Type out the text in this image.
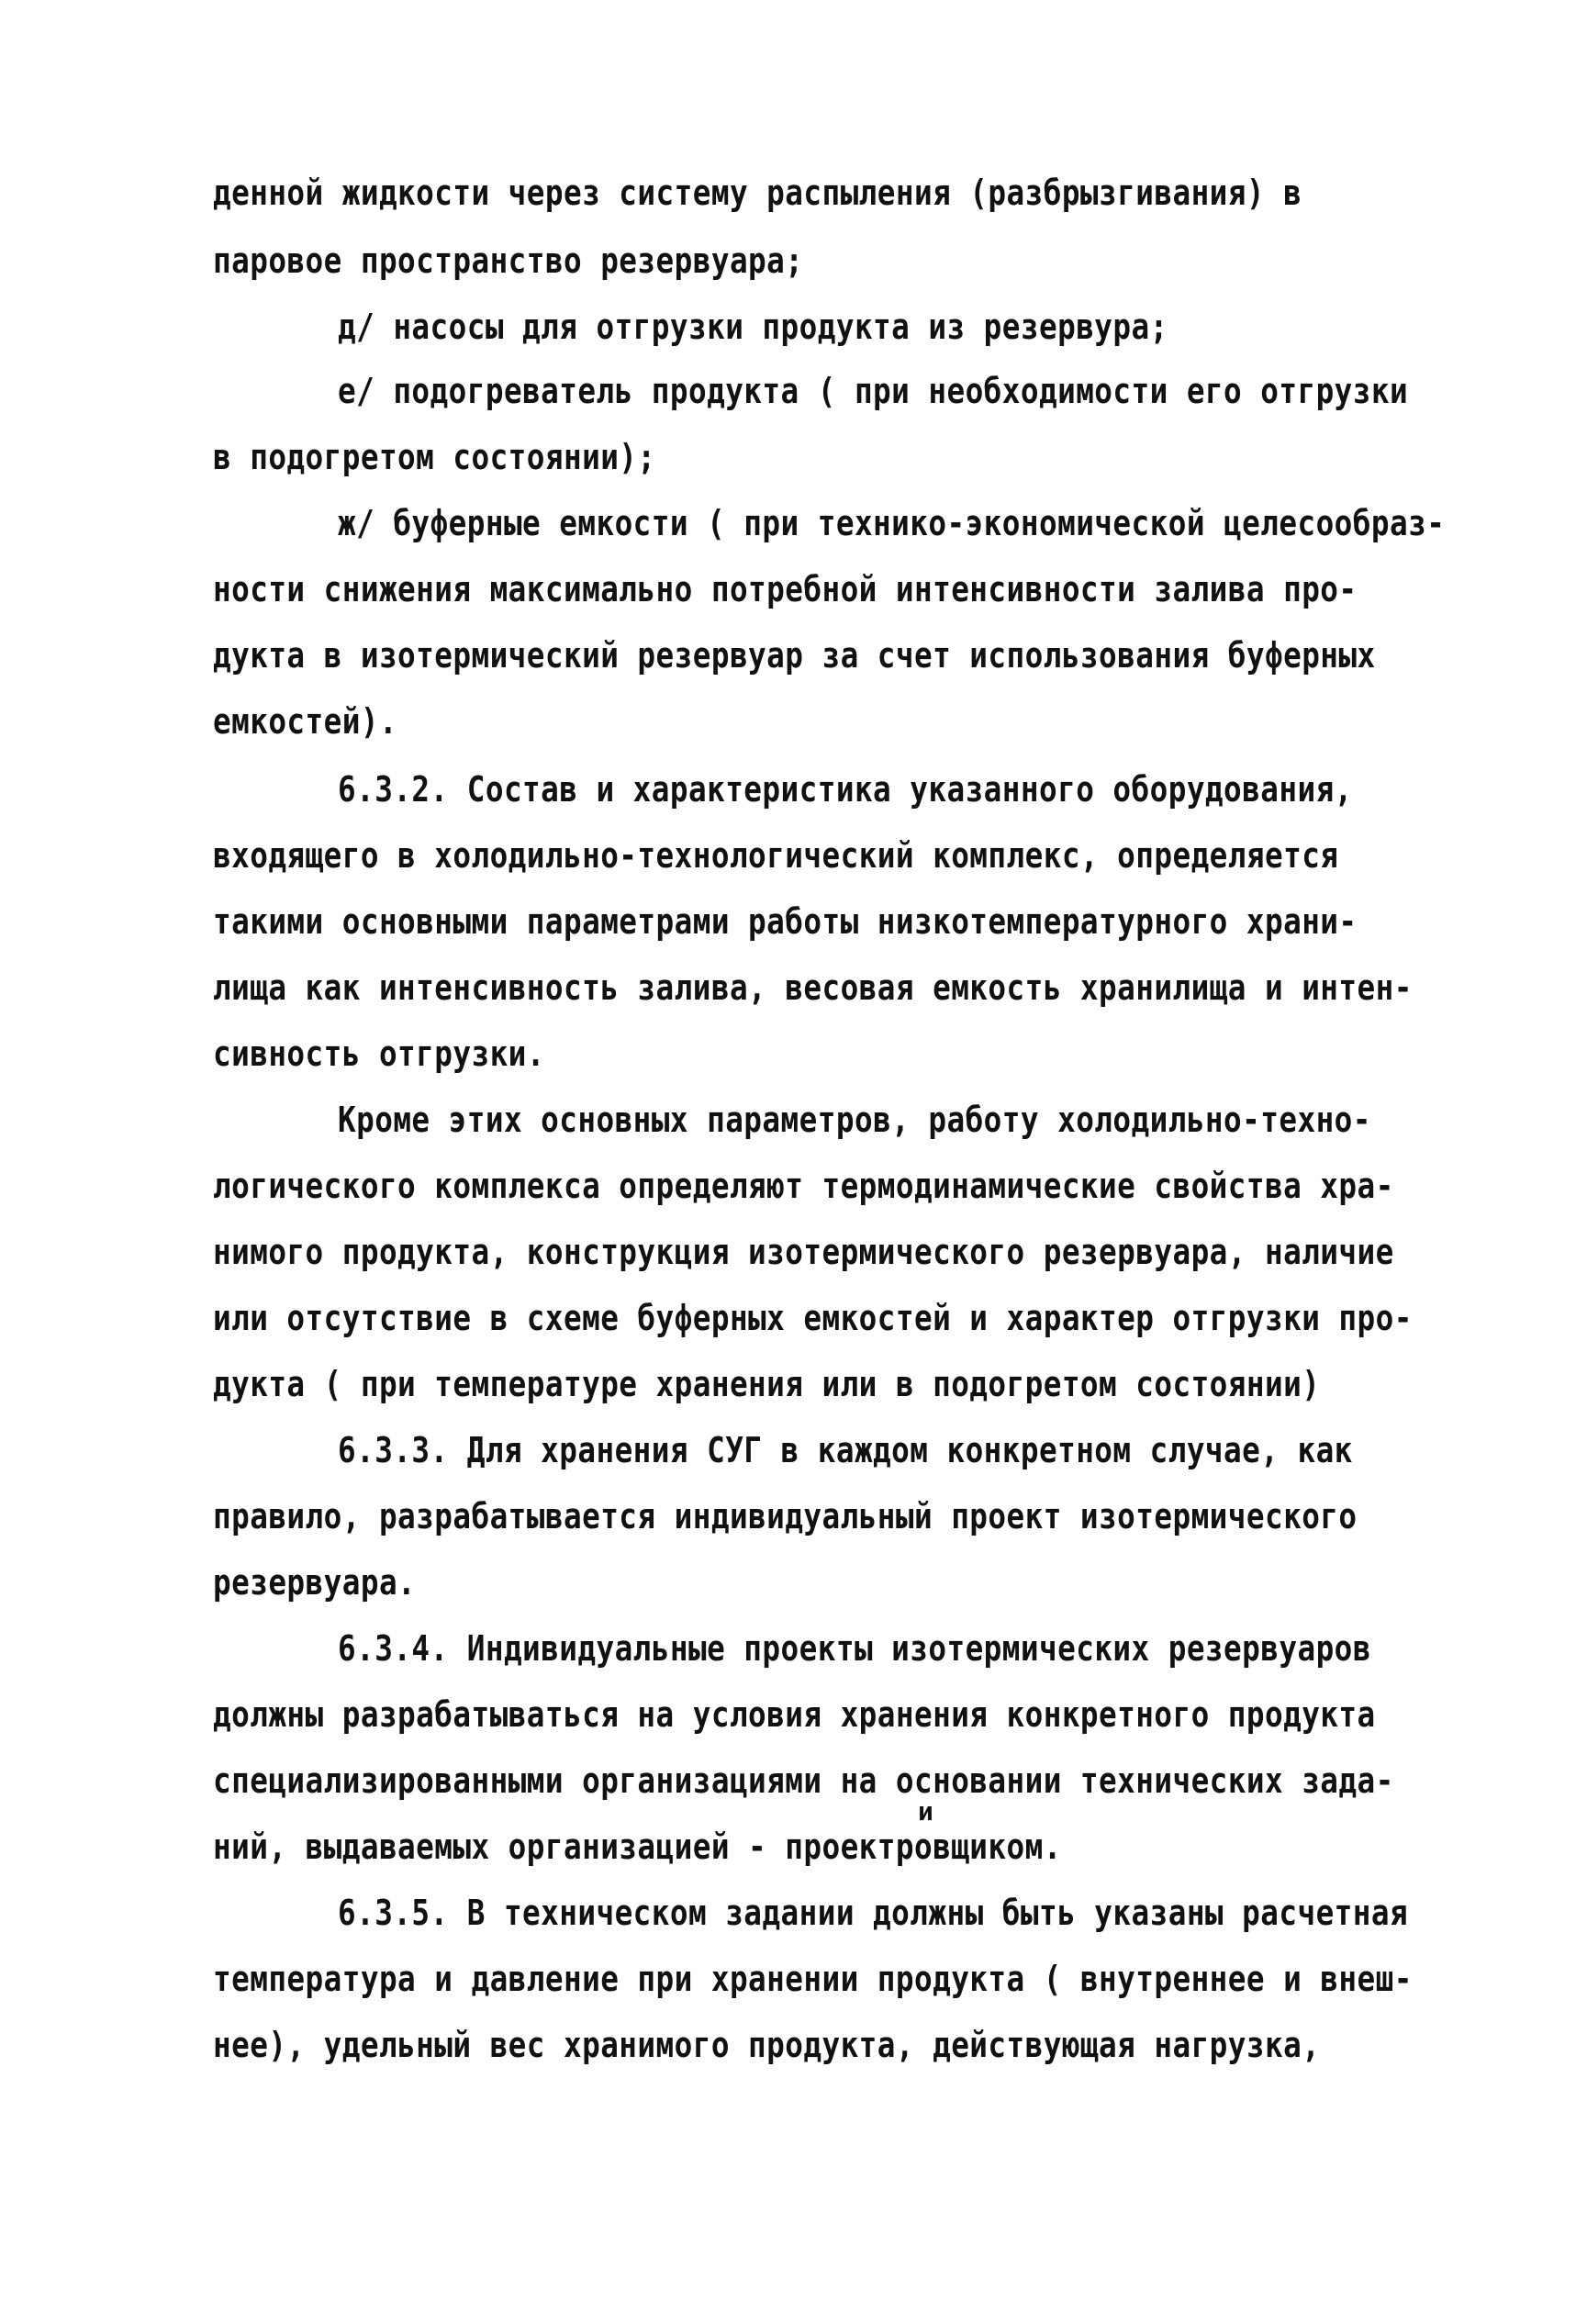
денной жидкости через систему распыления (разбрызгивания) в
паровое пространство резервуара;
д/ насосы для отгрузки продукта из резервура;
е/ подогреватель продукта ( при необходимости его отгрузки
в подогретом состоянии);
ж/ буферные емкости ( при технико-экономической целесообраз-
ности снижения максимально потребной интенсивности залива про-
дукта в изотермический резервуар за счет использования буферных
емкостей).
6.3.2. Состав и характеристика указанного оборудования,
входящего в холодильно-технологический комплекс, определяется
такими основными параметрами работы низкотемпературного храни-
лища как интенсивность залива, весовая емкость хранилища и интен-
сивность отгрузки.
Кроме этих основных параметров, работу холодильно-техно-
логического комплекса определяют термодинамические свойства хра-
нимого продукта, конструкция изотермического резервуара, наличие
или отсутствие в схеме буферных емкостей и характер отгрузки про-
дукта ( при температуре хранения или в подогретом состоянии)
6.3.3. Для хранения СУГ в каждом конкретном случае, как
правило, разрабатывается индивидуальный проект изотермического
резервуара.
6.3.4. Индивидуальные проекты изотермических резервуаров
должны разрабатываться на условия хранения конкретного продукта
специализированными организациями на основании технических зада-
и
ний, выдаваемых организацией - проектровщиком.
6.3.5. В техническом задании должны быть указаны расчетная
температура и давление при хранении продукта ( внутреннее и внеш-
нее), удельный вес хранимого продукта, действующая нагрузка,
